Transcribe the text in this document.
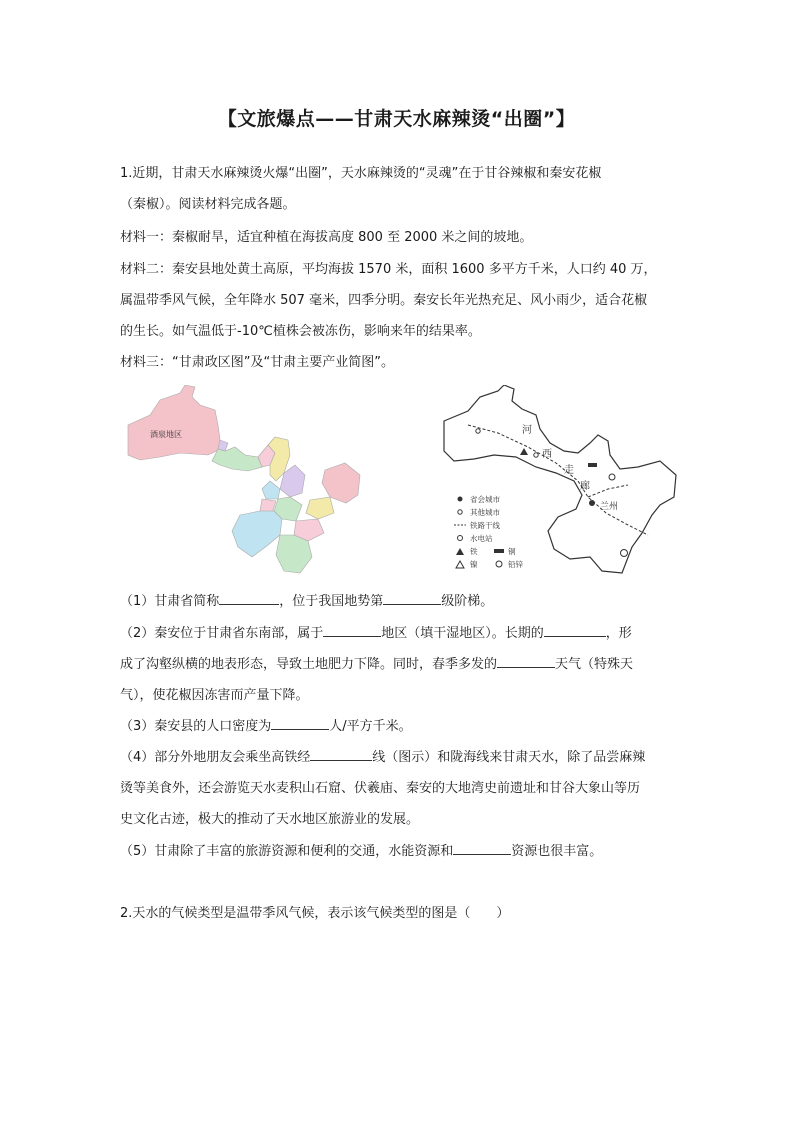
【文旅爆点——甘肃天水麻辣烫“出圈”】

1.近期，甘肃天水麻辣烫火爆“出圈”，天水麻辣烫的“灵魂”在于甘谷辣椒和秦安花椒

（秦椒）。阅读材料完成各题。

材料一：秦椒耐旱，适宜种植在海拔高度 800 至 2000 米之间的坡地。

材料二：秦安县地处黄土高原，平均海拔 1570 米，面积 1600 多平方千米，人口约 40 万，

属温带季风气候，全年降水 507 毫米，四季分明。秦安长年光热充足、风小雨少，适合花椒

的生长。如气温低于-10℃植株会被冻伤，影响来年的结果率。

材料三：“甘肃政区图”及“甘肃主要产业简图”。

酒泉地区	河
西
走
廊
兰州
省会城市
其他城市
铁路干线
水电站
铁	铜
镍	铅锌

（1）甘肃省简称	，位于我国地势第	级阶梯。

（2）秦安位于甘肃省东南部，属于	地区（填干湿地区）。长期的	，形

成了沟壑纵横的地表形态，导致土地肥力下降。同时，春季多发的	天气（特殊天

气），使花椒因冻害而产量下降。

（3）秦安县的人口密度为	人/平方千米。

（4）部分外地朋友会乘坐高铁经	线（图示）和陇海线来甘肃天水，除了品尝麻辣

烫等美食外，还会游览天水麦积山石窟、伏羲庙、秦安的大地湾史前遗址和甘谷大象山等历

史文化古迹，极大的推动了天水地区旅游业的发展。

（5）甘肃除了丰富的旅游资源和便利的交通，水能资源和	资源也很丰富。

2.天水的气候类型是温带季风气候，表示该气候类型的图是（　　）
